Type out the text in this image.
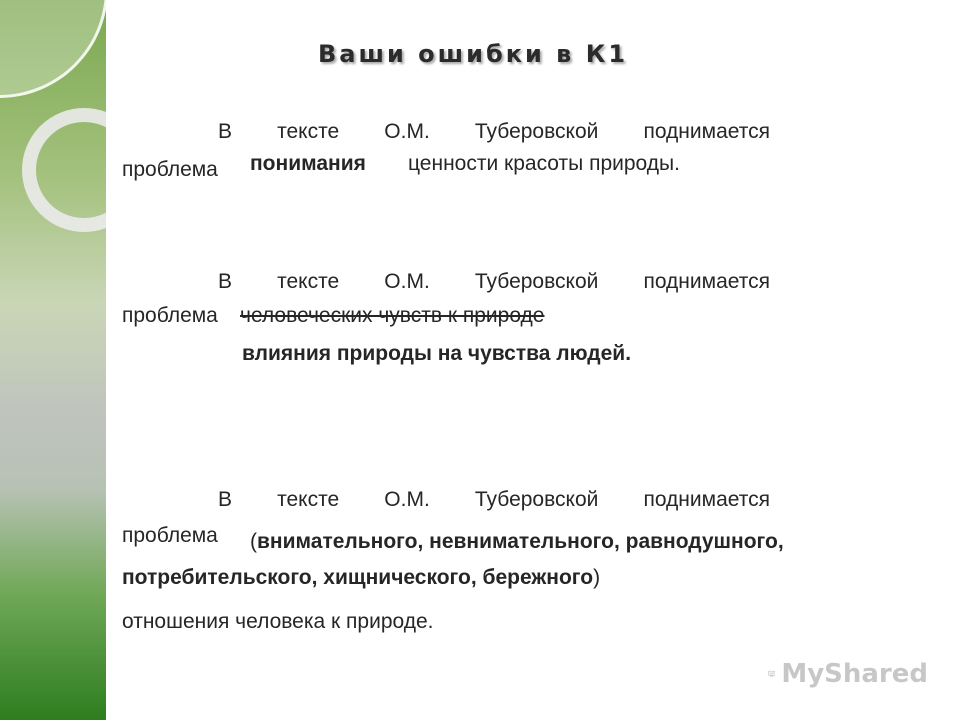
Ваши ошибки в К1
В тексте О.М. Туберовской поднимается
проблема понимания ценности красоты природы.
В тексте О.М. Туберовской поднимается
проблема человеческих чувств к природе
влияния природы на чувства людей.
В тексте О.М. Туберовской поднимается
проблема (внимательного, невнимательного, равнодушного,
потребительского, хищнического, бережного)
отношения человека к природе.
MyShared
